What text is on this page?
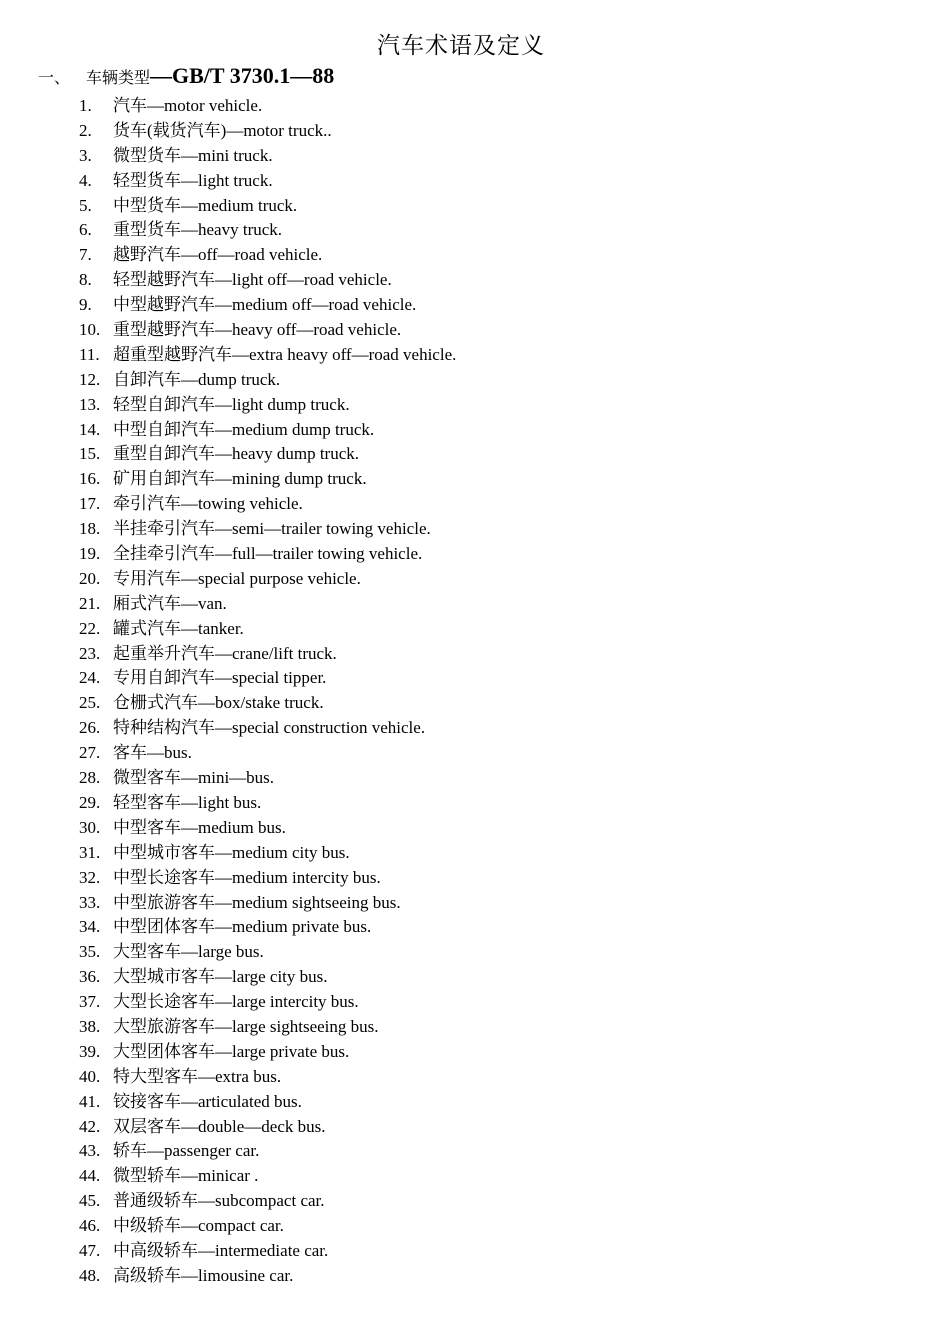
汽车术语及定义
一、 车辆类型—GB/T 3730.1—88
1. 汽车—motor vehicle.
2. 货车(载货汽车)—motor truck..
3. 微型货车—mini truck.
4. 轻型货车—light truck.
5. 中型货车—medium truck.
6. 重型货车—heavy truck.
7. 越野汽车—off—road vehicle.
8. 轻型越野汽车—light off—road vehicle.
9. 中型越野汽车—medium off—road vehicle.
10. 重型越野汽车—heavy off—road vehicle.
11. 超重型越野汽车—extra heavy off—road vehicle.
12. 自卸汽车—dump truck.
13. 轻型自卸汽车—light dump truck.
14. 中型自卸汽车—medium dump truck.
15. 重型自卸汽车—heavy dump truck.
16. 矿用自卸汽车—mining dump truck.
17. 牵引汽车—towing vehicle.
18. 半挂牵引汽车—semi—trailer towing vehicle.
19. 全挂牵引汽车—full—trailer towing vehicle.
20. 专用汽车—special purpose vehicle.
21. 厢式汽车—van.
22. 罐式汽车—tanker.
23. 起重举升汽车—crane/lift truck.
24. 专用自卸汽车—special tipper.
25. 仓栅式汽车—box/stake truck.
26. 特种结构汽车—special construction vehicle.
27. 客车—bus.
28. 微型客车—mini—bus.
29. 轻型客车—light bus.
30. 中型客车—medium bus.
31. 中型城市客车—medium city bus.
32. 中型长途客车—medium intercity bus.
33. 中型旅游客车—medium sightseeing bus.
34. 中型团体客车—medium private bus.
35. 大型客车—large bus.
36. 大型城市客车—large city bus.
37. 大型长途客车—large intercity bus.
38. 大型旅游客车—large sightseeing bus.
39. 大型团体客车—large private bus.
40. 特大型客车—extra bus.
41. 铰接客车—articulated bus.
42. 双层客车—double—deck bus.
43. 轿车—passenger car.
44. 微型轿车—minicar .
45. 普通级轿车—subcompact car.
46. 中级轿车—compact car.
47. 中高级轿车—intermediate car.
48. 高级轿车—limousine car.
